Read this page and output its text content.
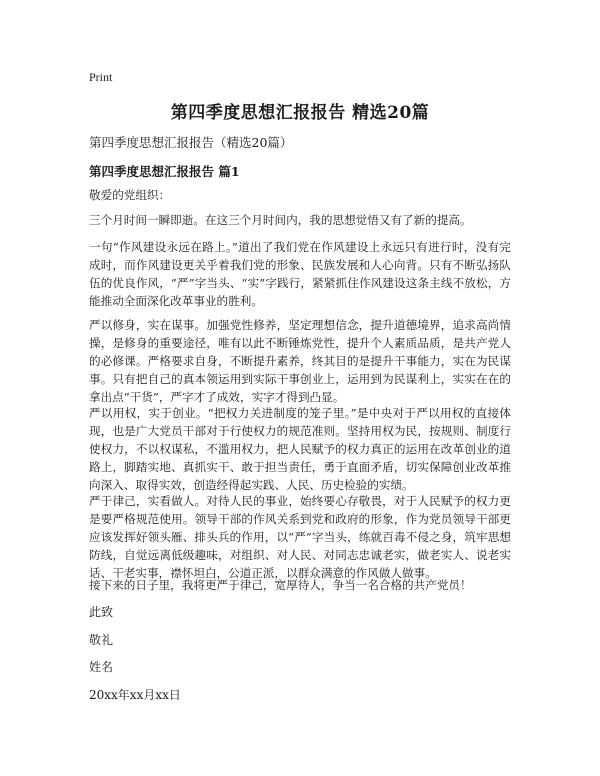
Print
第四季度思想汇报报告 精选20篇
第四季度思想汇报报告（精选20篇）
第四季度思想汇报报告 篇1

敬爱的党组织：

三个月时间一瞬即逝。在这三个月时间内，我的思想觉悟又有了新的提高。

一句“作风建设永远在路上。”道出了我们党在作风建设上永远只有进行时，没有完成时，而作风建设更关乎着我们党的形象、民族发展和人心向背。只有不断弘扬队伍的优良作风，“严”字当头、“实”字践行，紧紧抓住作风建设这条主线不放松，方能推动全面深化改革事业的胜利。

严以修身，实在谋事。加强党性修养，坚定理想信念，提升道德境界，追求高尚情操，是修身的重要途径，唯有以此不断锤炼党性，提升个人素质品质，是共产党人的必修课。严格要求自身，不断提升素养，终其目的是提升干事能力，实在为民谋事。只有把自己的真本领运用到实际干事创业上，运用到为民谋利上，实实在在的拿出点“干货”，严字才了成效，实字才得到凸显。

严以用权，实于创业。“把权力关进制度的笼子里。”是中央对于严以用权的直接体现，也是广大党员干部对于行使权力的规范准则。坚持用权为民，按规则、制度行使权力，不以权谋私，不滥用权力，把人民赋予的权力真正的运用在改革创业的道路上，脚踏实地、真抓实干、敢于担当责任，勇于直面矛盾，切实保障创业改革推向深入、取得实效，创造经得起实践、人民、历史检验的实绩。

严于律己，实看做人。对待人民的事业，始终要心存敬畏，对于人民赋予的权力更是要严格规范使用。领导干部的作风关系到党和政府的形象，作为党员领导干部更应该发挥好领头雁、排头兵的作用，以“严”字当头，练就百毒不侵之身，筑牢思想防线，自觉远离低级趣味，对组织、对人民、对同志忠诚老实，做老实人、说老实话、干老实事，襟怀坦白，公道正派，以群众满意的作风做人做事。

接下来的日子里，我将更严于律己，宽厚待人，争当一名合格的共产党员！

此致

敬礼

姓名

20xx年xx月xx日
